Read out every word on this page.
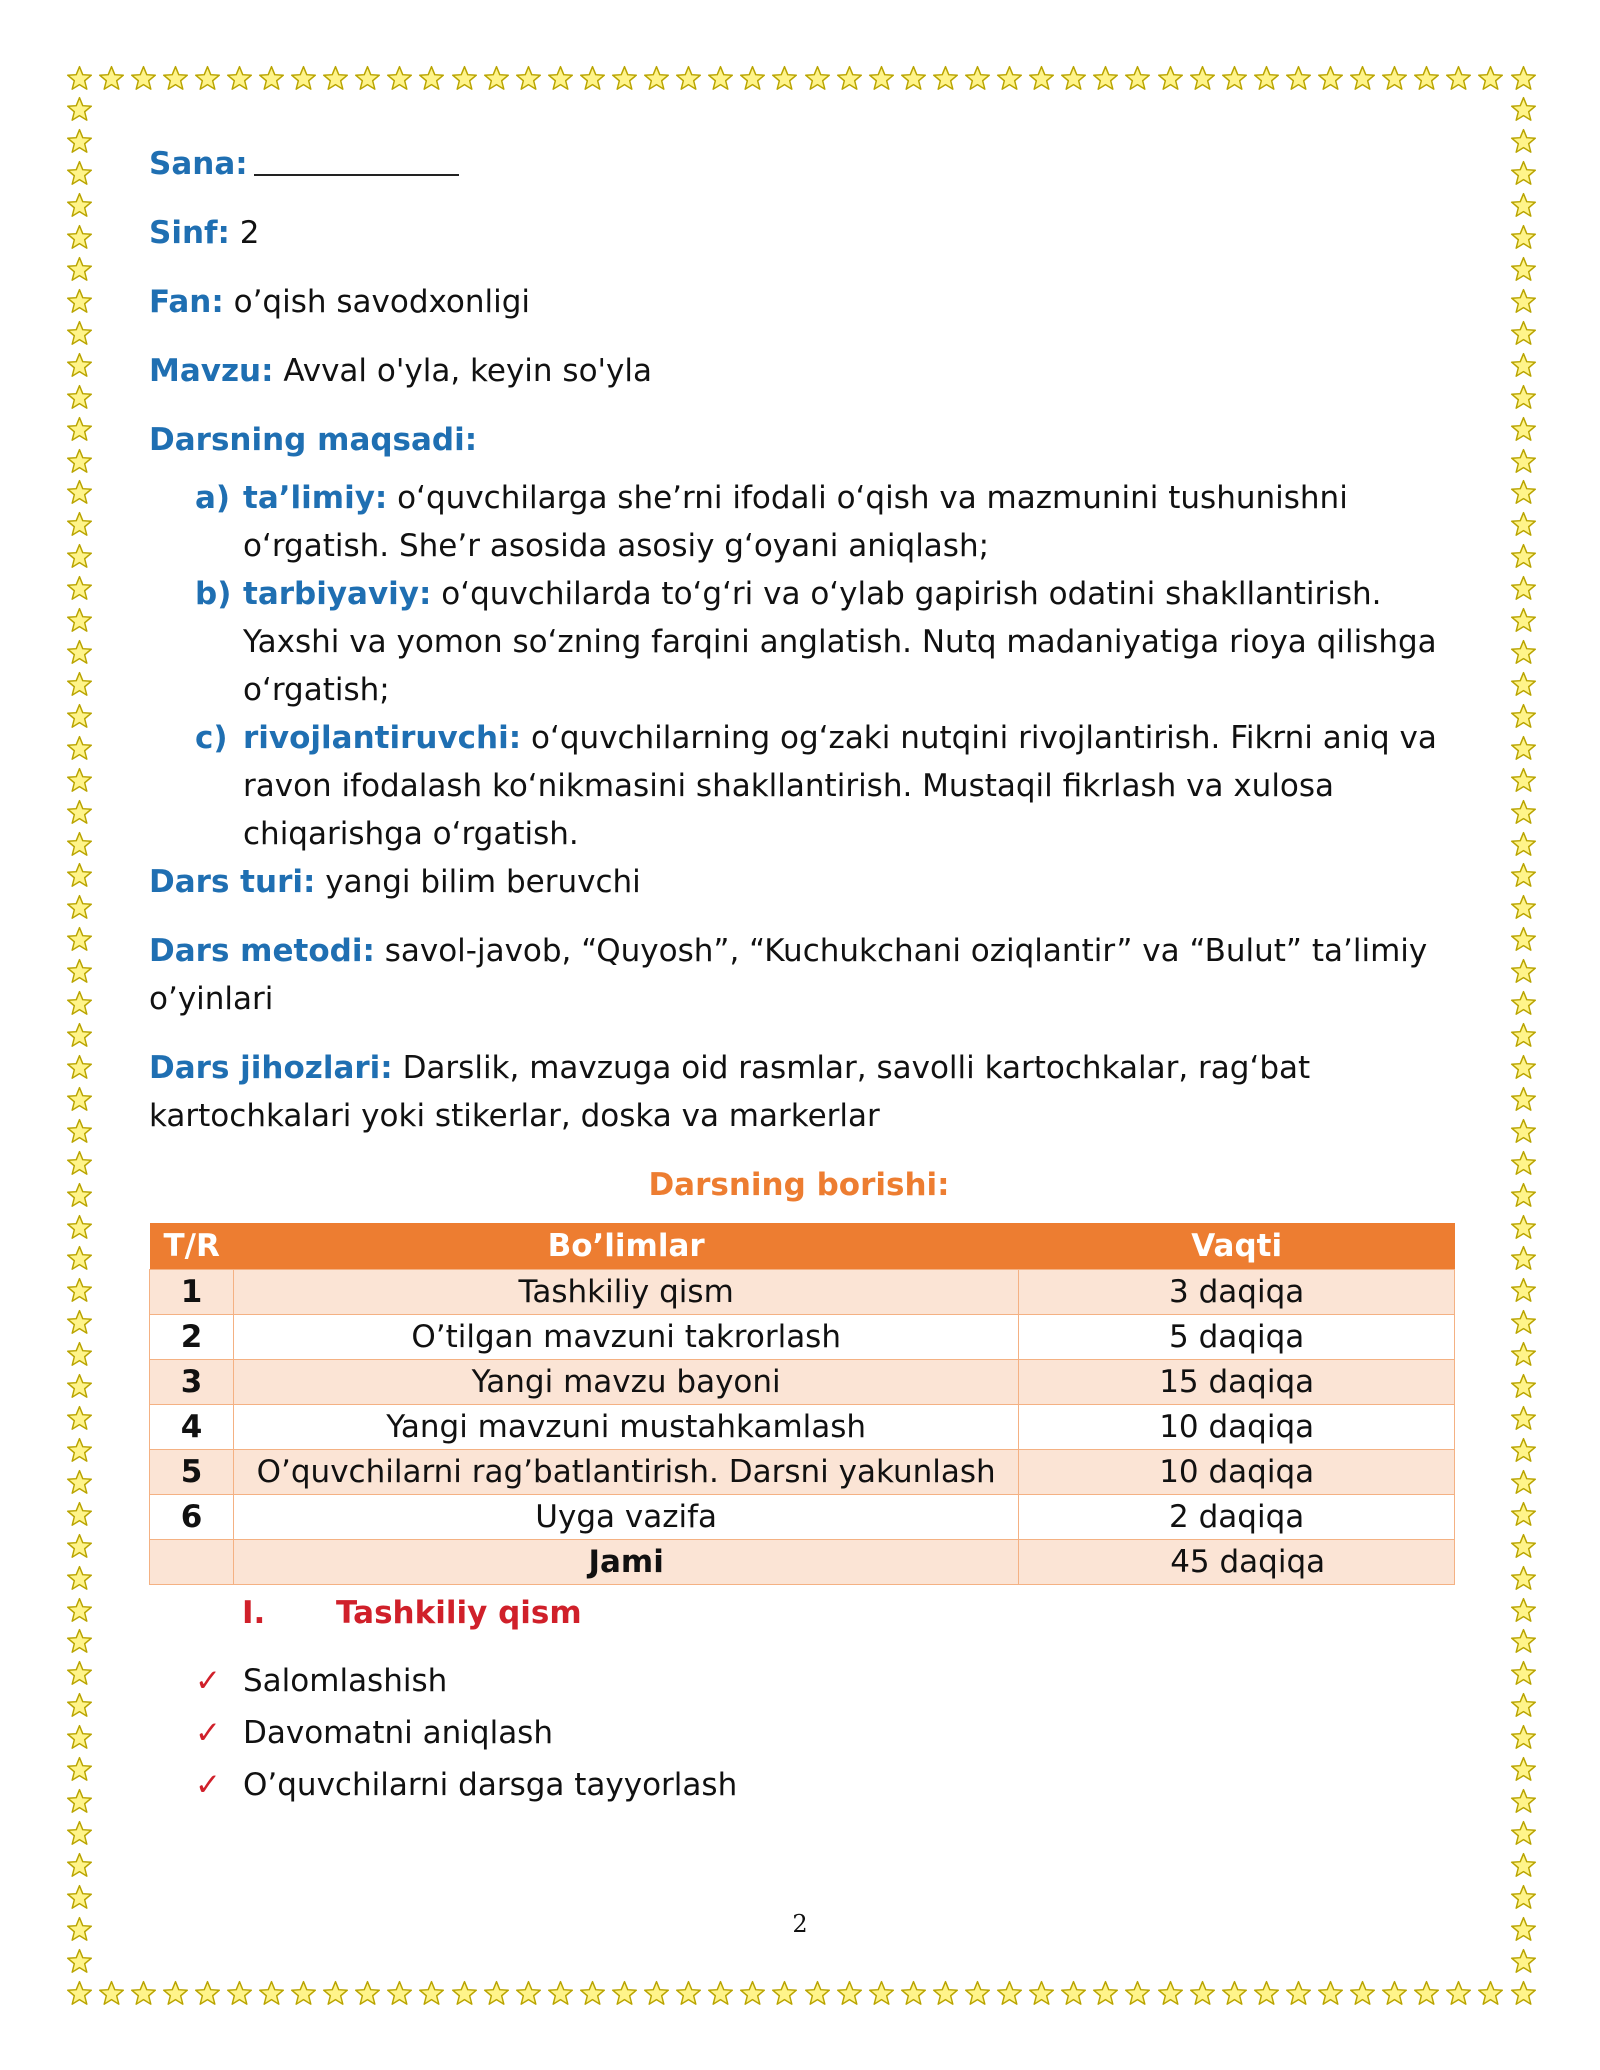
Sana:
Sinf: 2
Fan: o’qish savodxonligi
Mavzu: Avval o'yla, keyin so'yla
Darsning maqsadi:
a) ta’limiy: o‘quvchilarga she’rni ifodali o‘qish va mazmunini tushunishni o‘rgatish. She’r asosida asosiy g‘oyani aniqlash;
b) tarbiyaviy: o‘quvchilarda to‘g‘ri va o‘ylab gapirish odatini shakllantirish. Yaxshi va yomon so‘zning farqini anglatish. Nutq madaniyatiga rioya qilishga o‘rgatish;
c) rivojlantiruvchi: o‘quvchilarning og‘zaki nutqini rivojlantirish. Fikrni aniq va ravon ifodalash ko‘nikmasini shakllantirish. Mustaqil fikrlash va xulosa chiqarishga o‘rgatish.
Dars turi: yangi bilim beruvchi
Dars metodi: savol-javob, “Quyosh”, “Kuchukchani oziqlantir” va “Bulut” ta’limiy o’yinlari
Dars jihozlari: Darslik, mavzuga oid rasmlar, savolli kartochkalar, rag‘bat kartochkalari yoki stikerlar, doska va markerlar
Darsning borishi:
T/R	Bo’limlar	Vaqti
1	Tashkiliy qism	3 daqiqa
2	O’tilgan mavzuni takrorlash	5 daqiqa
3	Yangi mavzu bayoni	15 daqiqa
4	Yangi mavzuni mustahkamlash	10 daqiqa
5	O’quvchilarni rag’batlantirish. Darsni yakunlash	10 daqiqa
6	Uyga vazifa	2 daqiqa
	Jami	45 daqiqa
I. Tashkiliy qism
✓ Salomlashish
✓ Davomatni aniqlash
✓ O’quvchilarni darsga tayyorlash
2
